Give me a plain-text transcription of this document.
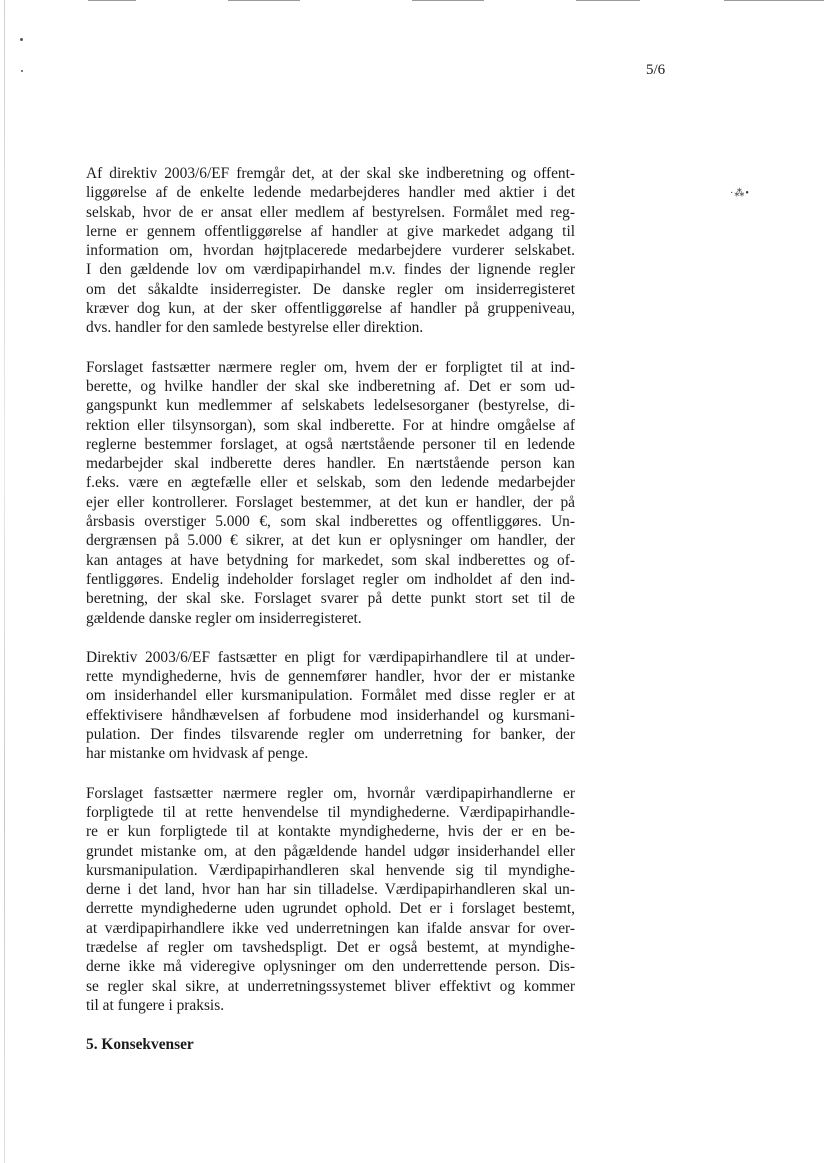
·⁂•
5/6
Af direktiv 2003/6/EF fremgår det, at der skal ske indberetning og offent-
liggørelse af de enkelte ledende medarbejderes handler med aktier i det
selskab, hvor de er ansat eller medlem af bestyrelsen. Formålet med reg-
lerne er gennem offentliggørelse af handler at give markedet adgang til
information om, hvordan højtplacerede medarbejdere vurderer selskabet.
I den gældende lov om værdipapirhandel m.v. findes der lignende regler
om det såkaldte insiderregister. De danske regler om insiderregisteret
kræver dog kun, at der sker offentliggørelse af handler på gruppeniveau,
dvs. handler for den samlede bestyrelse eller direktion.
Forslaget fastsætter nærmere regler om, hvem der er forpligtet til at ind-
berette, og hvilke handler der skal ske indberetning af. Det er som ud-
gangspunkt kun medlemmer af selskabets ledelsesorganer (bestyrelse, di-
rektion eller tilsynsorgan), som skal indberette. For at hindre omgåelse af
reglerne bestemmer forslaget, at også nærtstående personer til en ledende
medarbejder skal indberette deres handler. En nærtstående person kan
f.eks. være en ægtefælle eller et selskab, som den ledende medarbejder
ejer eller kontrollerer. Forslaget bestemmer, at det kun er handler, der på
årsbasis overstiger 5.000 €, som skal indberettes og offentliggøres. Un-
dergrænsen på 5.000 € sikrer, at det kun er oplysninger om handler, der
kan antages at have betydning for markedet, som skal indberettes og of-
fentliggøres. Endelig indeholder forslaget regler om indholdet af den ind-
beretning, der skal ske. Forslaget svarer på dette punkt stort set til de
gældende danske regler om insiderregisteret.
Direktiv 2003/6/EF fastsætter en pligt for værdipapirhandlere til at under-
rette myndighederne, hvis de gennemfører handler, hvor der er mistanke
om insiderhandel eller kursmanipulation. Formålet med disse regler er at
effektivisere håndhævelsen af forbudene mod insiderhandel og kursmani-
pulation. Der findes tilsvarende regler om underretning for banker, der
har mistanke om hvidvask af penge.
Forslaget fastsætter nærmere regler om, hvornår værdipapirhandlerne er
forpligtede til at rette henvendelse til myndighederne. Værdipapirhandle-
re er kun forpligtede til at kontakte myndighederne, hvis der er en be-
grundet mistanke om, at den pågældende handel udgør insiderhandel eller
kursmanipulation. Værdipapirhandleren skal henvende sig til myndighe-
derne i det land, hvor han har sin tilladelse. Værdipapirhandleren skal un-
derrette myndighederne uden ugrundet ophold. Det er i forslaget bestemt,
at værdipapirhandlere ikke ved underretningen kan ifalde ansvar for over-
trædelse af regler om tavshedspligt. Det er også bestemt, at myndighe-
derne ikke må videregive oplysninger om den underrettende person. Dis-
se regler skal sikre, at underretningssystemet bliver effektivt og kommer
til at fungere i praksis.
5. Konsekvenser
